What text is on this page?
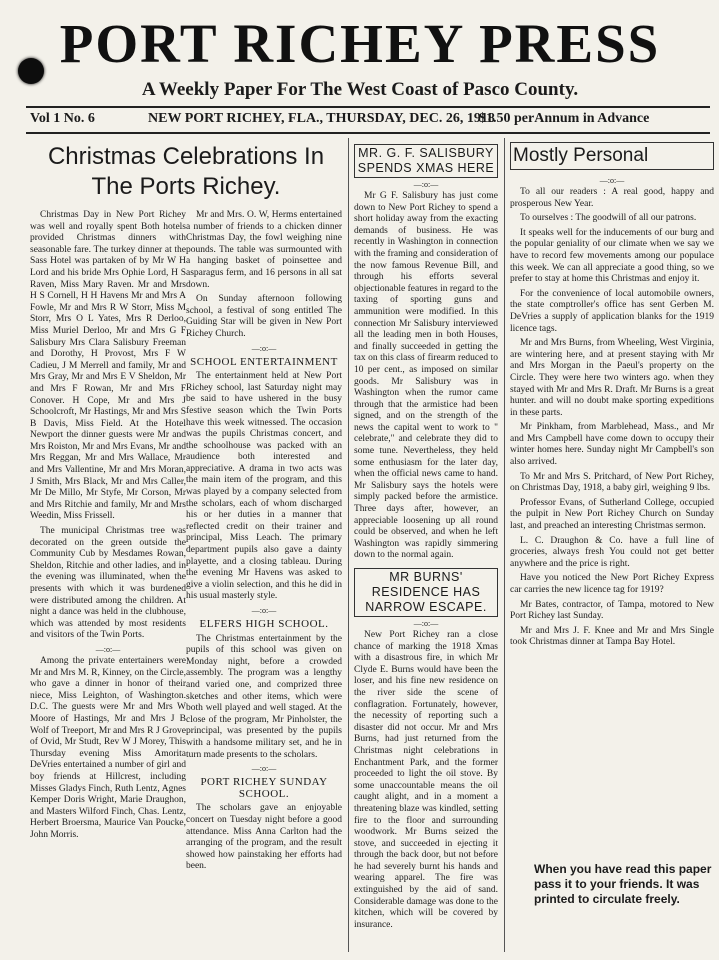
PORT RICHEY PRESS
A Weekly Paper For The West Coast of Pasco County.
Vol 1 No. 6	NEW PORT RICHEY, FLA., THURSDAY, DEC. 26, 1918
$1.50 perAnnum in Advance
Christmas Celebrations In The Ports Richey.

Christmas Day in New Port Richey was well and royally spent Both hotels provided Christmas dinners with seasonable fare. The turkey dinner at the Sass Hotel was partaken of by Mr W H Lord and his bride Mrs Ophie Lord, H S Raven, Miss Mary Raven. Mr and Mrs H S Cornell, H H Havens Mr and Mrs A Fowle, Mr and Mrs R W Storr, Miss M Storr, Mrs O L Yates, Mrs R Derloo, Miss Muriel Derloo, Mr and Mrs G F Salisbury Mrs Clara Salisbury Freeman and Dorothy, H Provost, Mrs F W Cadieu, J M Merrell and family, Mr and Mrs Gray, Mr and Mrs E V Sheldon, Mr and Mrs F Rowan, Mr and Mrs F Conover. H Cope, Mr and Mrs J Schoolcroft, Mr Hastings, Mr and Mrs S B Davis, Miss Field. At the Hotel Newport the dinner guests were Mr and Mrs Roiston, Mr and Mrs Evans, Mr and Mrs Reggan, Mr and Mrs Wallace, Mr and Mrs Vallentine, Mr and Mrs Moran, J Smith, Mrs Black, Mr and Mrs Caller, Mr De Millo, Mr Styfe, Mr Corson, Mr and Mrs Ritchie and family, Mr and Mrs Weedin, Miss Frissell.

The municipal Christmas tree was decorated on the green outside the Community Cub by Mesdames Rowan, Sheldon, Ritchie and other ladies, and in the evening was illuminated, when the presents with which it was burdened were distributed among the children. At night a dance was held in the clubhouse, which was attended by most residents and visitors of the Twin Ports.

—:o:—

Among the private entertainers were Mr and Mrs M. R, Kinney, on the Circle, who gave a dinner in honor of their niece, Miss Leighton, of Washington. D.C. The guests were Mr and Mrs W Moore of Hastings, Mr and Mrs J B Wolf of Treeport, Mr and Mrs R J Grove of Ovid, Mr Studt, Rev W J Morey, This Thursday evening Miss Amorita DeVries entertained a number of girl and boy friends at Hillcrest, including Misses Gladys Finch, Ruth Lentz, Agnes Kemper Doris Wright, Marie Draughon, and Masters Wilford Finch, Chas. Lentz, Herbert Broersma, Maurice Van Poucke, John Morris.

Mr and Mrs. O. W, Herms entertained a number of friends to a chicken dinner Christmas Day, the fowl weighing nine pounds. The table was surmounted with a hanging basket of poinsettee and asparagus ferm, and 16 persons in all sat down.

On Sunday afternoon following school, a festival of song entitled The Guiding Star will be given in New Port Richey Church.

—:o:—
SCHOOL ENTERTAINMENT

The entertainment held at New Port Richey school, last Saturday night may be said to have ushered in the busy festive season which the Twin Ports have this week witnessed. The occasion was the pupils Christmas concert, and the schoolhouse was packed with an audience both interested and appreciative. A drama in two acts was the main item of the program, and this was played by a company selected from the scholars, each of whom discharged his or her duties in a manner that reflected credit on their trainer and principal, Miss Leach. The primary department pupils also gave a dainty playette, and a closing tableau. During the evening Mr Havens was asked to give a violin selection, and this he did in his usual masterly style.

—:o:—
ELFERS HIGH SCHOOL.

The Christmas entertainment by the pupils of this school was given on Monday night, before a crowded assembly. The program was a lengthy and varied one, and comprized three sketches and other items, which were both well played and well staged. At the close of the program, Mr Pinholster, the principal, was presented by the pupils with a handsome military set, and he in turn made presents to the scholars.

—:o:—
PORT RICHEY SUNDAY SCHOOL.

The scholars gave an enjoyable concert on Tuesday night before a good attendance. Miss Anna Carlton had the arranging of the program, and the result showed how painstaking her efforts had been.

MR. G. F. SALISBURY SPENDS XMAS HERE
—:o:—

Mr G F. Salisbury has just come down to New Port Richey to spend a short holiday away from the exacting demands of business. He was recently in Washington in connection with the framing and consideration of the now famous Revenue Bill, and through his efforts several objectionable features in regard to the taxing of sporting guns and ammunition were modified. In this connection Mr Salisbury interviewed all the leading men in both Houses, and finally succeeded in getting the tax on this class of firearm reduced to 10 per cent., as imposed on similar goods. Mr Salisbury was in Washington when the rumor came through that the armistice had been signed, and on the strength of the news the capital went to work to " celebrate," and celebrate they did to some tune. Nevertheless, they held some enthusiasm for the later day, when the official news came to hand. Mr Salisbury says the hotels were simply packed before the armistice. Three days after, however, an appreciable loosening up all round could be observed, and when he left Washington was rapidly simmering down to the normal again.

MR BURNS' RESIDENCE HAS NARROW ESCAPE.
—:o:—

New Port Richey ran a close chance of marking the 1918 Xmas with a disastrous fire, in which Mr Clyde E. Burns would have been the loser, and his fine new residence on the river side the scene of conflagration. Fortunately, however, the necessity of reporting such a disaster did not occur. Mr and Mrs Burns, had just returned from the Christmas night celebrations in Enchantment Park, and the former proceeded to light the oil stove. By some unaccountable means the oil caught alight, and in a moment a threatening blaze was kindled, setting fire to the floor and surrounding woodwork. Mr Burns seized the stove, and succeeded in ejecting it through the back door, but not before he had severely burnt his hands and wearing apparel. The fire was extinguished by the aid of sand. Considerable damage was done to the kitchen, which will be covered by insurance.

Mostly Personal
—:o:—

To all our readers : A real good, happy and prosperous New Year.

To ourselves : The goodwill of all our patrons.

It speaks well for the inducements of our burg and the popular geniality of our climate when we say we have to record few movements among our populace this week. We can all appreciate a good thing, so we prefer to stay at home this Christmas and enjoy it.

For the convenience of local automobile owners, the state comptroller's office has sent Gerben M. DeVries a supply of application blanks for the 1919 licence tags.

Mr and Mrs Burns, from Wheeling, West Virginia, are wintering here, and at present staying with Mr and Mrs Morgan in the Paeul's property on the Circle. They were here two winters ago. when they stayed with Mr and Mrs R. Draft. Mr Burns is a great hunter. and will no doubt make sporting expeditions in these parts.

Mr Pinkham, from Marblehead, Mass., and Mr and Mrs Campbell have come down to occupy their winter homes here. Sunday night Mr Campbell's son also arrived.

To Mr and Mrs S. Pritchard, of New Port Richey, on Christmas Day, 1918, a baby girl, weighing 9 lbs.

Professor Evans, of Sutherland College, occupied the pulpit in New Port Richey Church on Sunday last, and preached an interesting Christmas sermon.

L. C. Draughon & Co. have a full line of groceries, always fresh You could not get better anywhere and the price is right.

Have you noticed the New Port Richey Express car carries the new licence tag for 1919?

Mr Bates, contractor, of Tampa, motored to New Port Richey last Sunday.

Mr and Mrs J. F. Knee and Mr and Mrs Single took Christmas dinner at Tampa Bay Hotel.

When you have read this paper pass it to your friends. It was printed to circulate freely.
